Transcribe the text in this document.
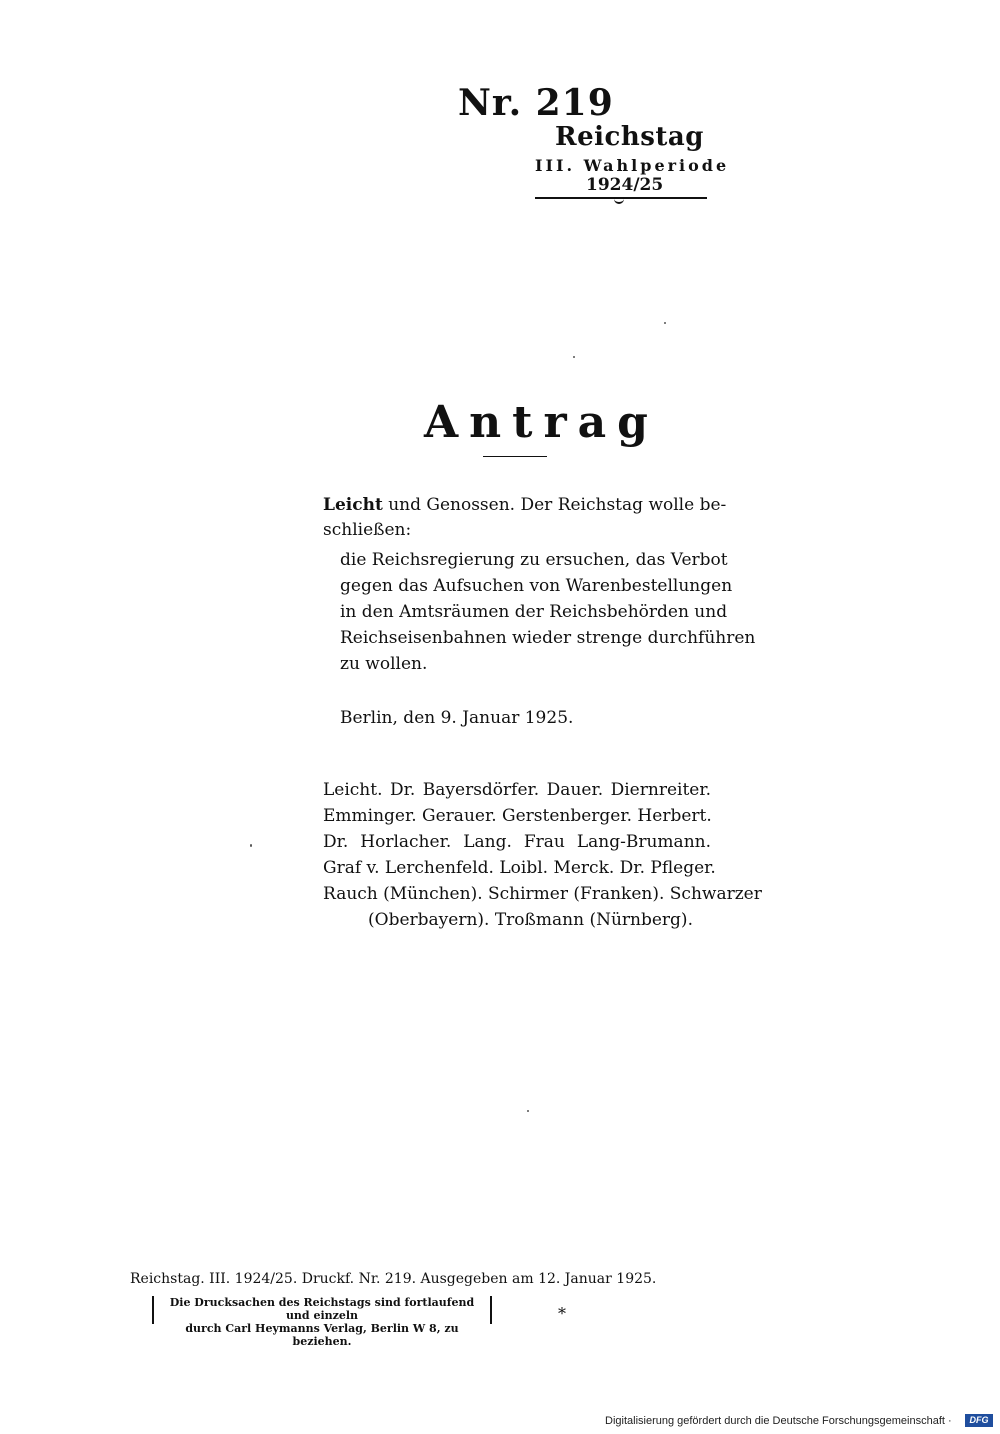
Nr. 219
Reichstag
III. Wahlperiode
1924/25
Antrag
Leicht und Genossen. Der Reichstag wolle be-
schließen:
die Reichsregierung zu ersuchen, das Verbot
gegen das Aufsuchen von Warenbestellungen
in den Amtsräumen der Reichsbehörden und
Reichseisenbahnen wieder strenge durchführen
zu wollen.
Berlin, den 9. Januar 1925.
Leicht. Dr. Bayersdörfer. Dauer. Diernreiter.
Emminger. Gerauer. Gerstenberger. Herbert.
Dr. Horlacher. Lang. Frau Lang-Brumann.
Graf v. Lerchenfeld. Loibl. Merck. Dr. Pfleger.
Rauch (München). Schirmer (Franken). Schwarzer
(Oberbayern). Troßmann (Nürnberg).
Reichstag. III. 1924/25. Druckf. Nr. 219. Ausgegeben am 12. Januar 1925.
Die Drucksachen des Reichstags sind fortlaufend und einzeln
durch Carl Heymanns Verlag, Berlin W 8, zu beziehen.
*
Digitalisierung gefördert durch die Deutsche Forschungsgemeinschaft ·	DFG
